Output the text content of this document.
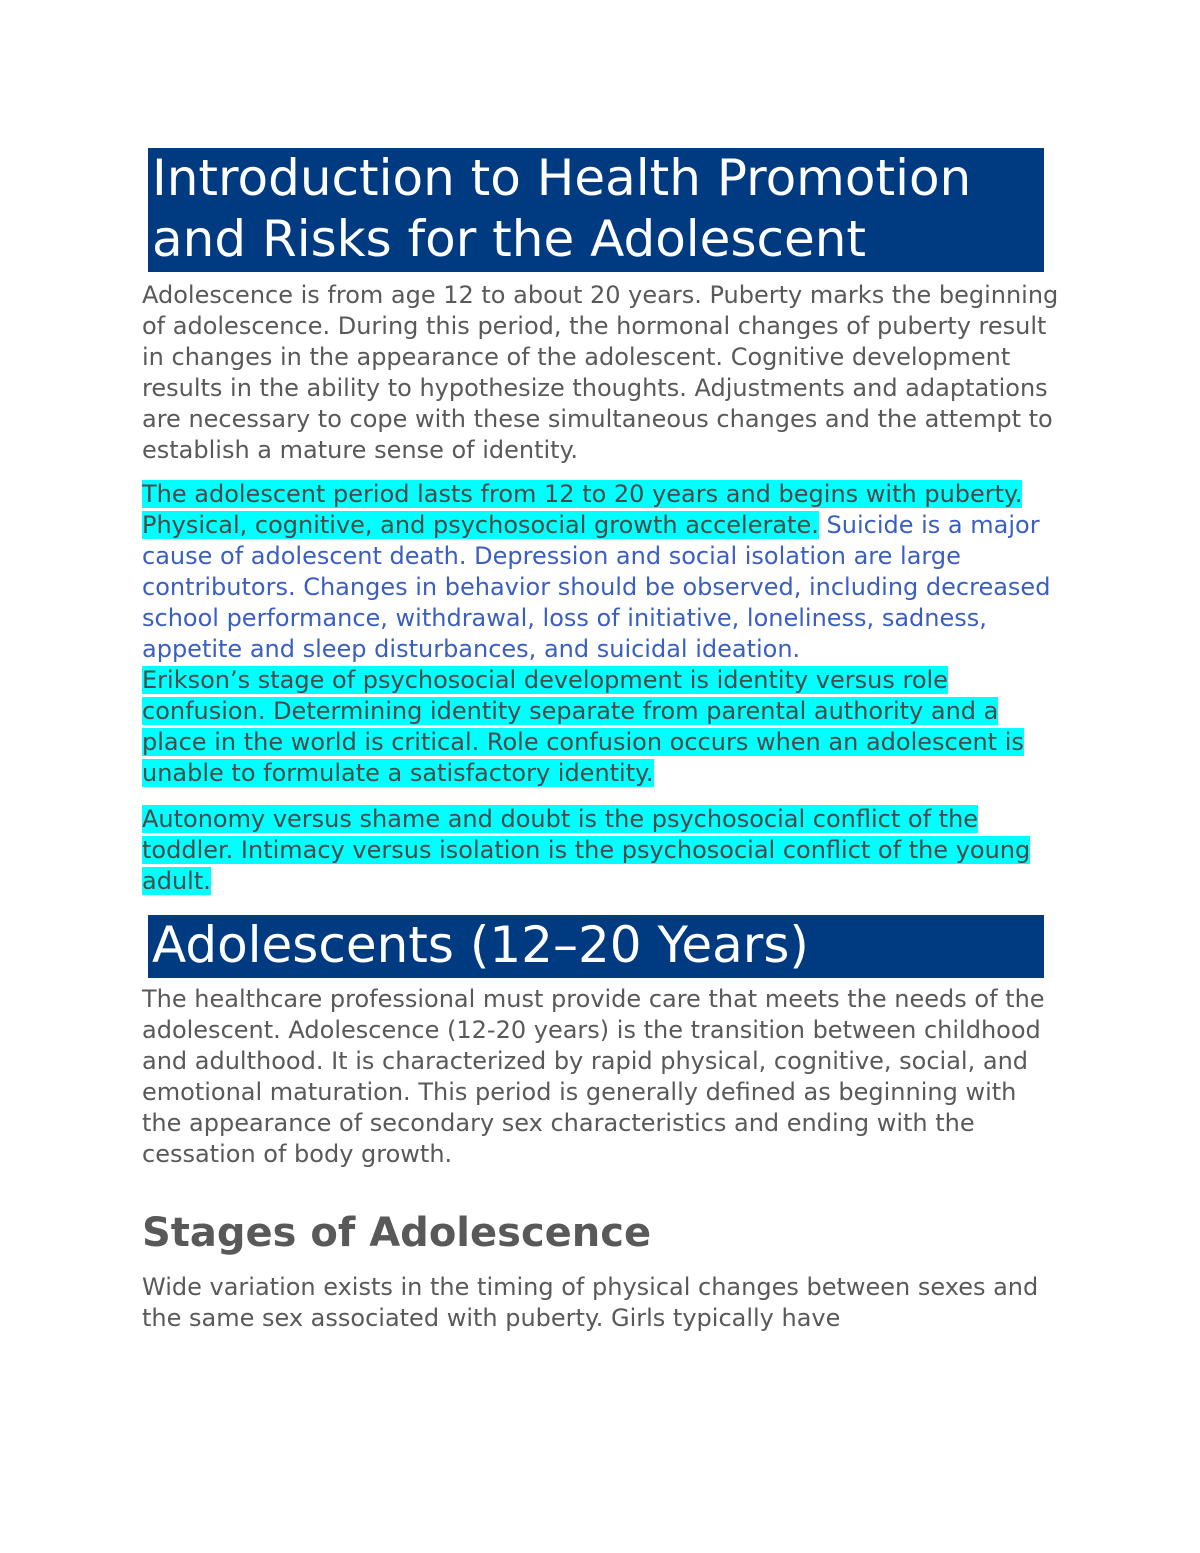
Introduction to Health Promotion and Risks for the Adolescent

Adolescence is from age 12 to about 20 years. Puberty marks the beginning of adolescence. During this period, the hormonal changes of puberty result in changes in the appearance of the adolescent. Cognitive development results in the ability to hypothesize thoughts. Adjustments and adaptations are necessary to cope with these simultaneous changes and the attempt to establish a mature sense of identity.

The adolescent period lasts from 12 to 20 years and begins with puberty. Physical, cognitive, and psychosocial growth accelerate. Suicide is a major cause of adolescent death. Depression and social isolation are large contributors. Changes in behavior should be observed, including decreased school performance, withdrawal, loss of initiative, loneliness, sadness, appetite and sleep disturbances, and suicidal ideation.

Erikson’s stage of psychosocial development is identity versus role confusion. Determining identity separate from parental authority and a place in the world is critical. Role confusion occurs when an adolescent is unable to formulate a satisfactory identity.

Autonomy versus shame and doubt is the psychosocial conflict of the toddler. Intimacy versus isolation is the psychosocial conflict of the young adult.

Adolescents (12–20 Years)

The healthcare professional must provide care that meets the needs of the adolescent. Adolescence (12-20 years) is the transition between childhood and adulthood. It is characterized by rapid physical, cognitive, social, and emotional maturation. This period is generally defined as beginning with the appearance of secondary sex characteristics and ending with the cessation of body growth.

Stages of Adolescence

Wide variation exists in the timing of physical changes between sexes and the same sex associated with puberty. Girls typically have
